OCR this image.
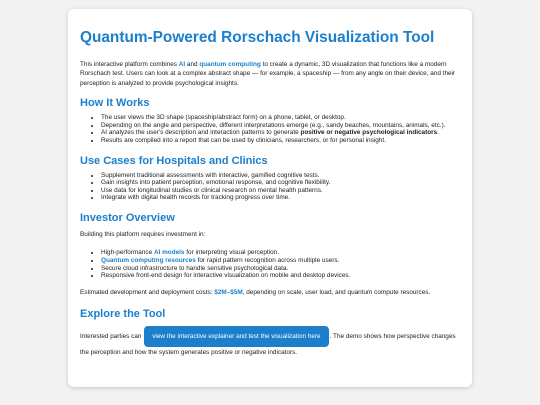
Quantum-Powered Rorschach Visualization Tool

This interactive platform combines AI and quantum computing to create a dynamic, 3D visualization that functions like a modern Rorschach test. Users can look at a complex abstract shape — for example, a spaceship — from any angle on their device, and their perception is analyzed to provide psychological insights.

How It Works
• The user views the 3D shape (spaceship/abstract form) on a phone, tablet, or desktop.
• Depending on the angle and perspective, different interpretations emerge (e.g., sandy beaches, mountains, animals, etc.).
• AI analyzes the user's description and interaction patterns to generate positive or negative psychological indicators.
• Results are compiled into a report that can be used by clinicians, researchers, or for personal insight.
Use Cases for Hospitals and Clinics
• Supplement traditional assessments with interactive, gamified cognitive tests.
• Gain insights into patient perception, emotional response, and cognitive flexibility.
• Use data for longitudinal studies or clinical research on mental health patterns.
• Integrate with digital health records for tracking progress over time.
Investor Overview

Building this platform requires investment in:

• High-performance AI models for interpreting visual perception.
• Quantum computing resources for rapid pattern recognition across multiple users.
• Secure cloud infrastructure to handle sensitive psychological data.
• Responsive front-end design for interactive visualization on mobile and desktop devices.

Estimated development and deployment costs: $2M–$5M, depending on scale, user load, and quantum compute resources.

Explore the Tool

Interested parties can view the interactive explainer and test the visualization here . The demo shows how perspective changes the perception and how the system generates positive or negative indicators.
